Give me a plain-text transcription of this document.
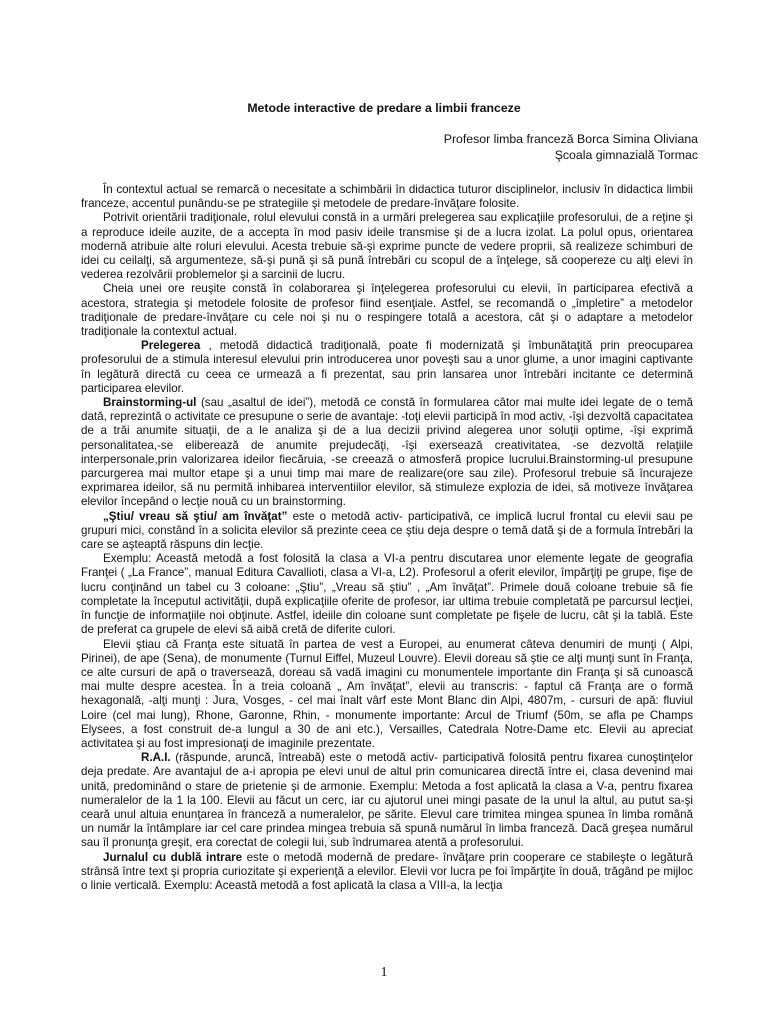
Metode interactive de predare a limbii franceze
Profesor limba franceză Borca Simina Oliviana
Şcoala gimnazială Tormac

În contextul actual se remarcă o necesitate a schimbării în didactica tuturor disciplinelor, inclusiv în didactica limbii franceze, accentul punându-se pe strategiile şi metodele de predare-învăţare folosite.

Potrivit orientării tradiţionale, rolul elevului constă in a urmări prelegerea sau explicaţiile profesorului, de a reţine şi a reproduce ideile auzite, de a accepta în mod pasiv ideile transmise şi de a lucra izolat. La polul opus, orientarea modernă atribuie alte roluri elevului. Acesta trebuie să-şi exprime puncte de vedere proprii, să realizeze schimburi de idei cu ceilalţi, să argumenteze, să-şi pună şi să pună întrebări cu scopul de a înţelege, să coopereze cu alţi elevi în vederea rezolvării problemelor şi a sarcinii de lucru.

Cheia unei ore reuşite constă în colaborarea şi înţelegerea profesorului cu elevii, în participarea efectivă a acestora, strategia şi metodele folosite de profesor fiind esenţiale. Astfel, se recomandă o „împletire” a metodelor tradiţionale de predare-învăţare cu cele noi şi nu o respingere totală a acestora, cât şi o adaptare a metodelor tradiţionale la contextul actual.

Prelegerea , metodă didactică tradiţională, poate fi modernizată şi îmbunătaţită prin preocuparea profesorului de a stimula interesul elevului prin introducerea unor poveşti sau a unor glume, a unor imagini captivante în legătură directă cu ceea ce urmează a fi prezentat, sau prin lansarea unor întrebări incitante ce determină participarea elevilor.

Brainstorming-ul (sau „asaltul de idei”), metodă ce constă în formularea câtor mai multe idei legate de o temă dată, reprezintă o activitate ce presupune o serie de avantaje: -toţi elevii participă în mod activ, -îşi dezvoltă capacitatea de a trăi anumite situaţii, de a le analiza şi de a lua decizii privind alegerea unor soluţii optime, -îşi exprimă personalitatea,-se eliberează de anumite prejudecăţi, -îşi exersează creativitatea, -se dezvoltă relaţiile interpersonale,prin valorizarea ideilor fiecăruia, -se creează o atmosferă propice lucrului.Brainstorming-ul presupune parcurgerea mai multor etape şi a unui timp mai mare de realizare(ore sau zile). Profesorul trebuie să încurajeze exprimarea ideilor, să nu permită inhibarea interventiilor elevilor, să stimuleze explozia de idei, să motiveze învăţarea elevilor începând o lecţie nouă cu un brainstorming.

„Ştiu/ vreau să ştiu/ am învăţat” este o metodă activ- participativă, ce implică lucrul frontal cu elevii sau pe grupuri mici, constând în a solicita elevilor să prezinte ceea ce ştiu deja despre o temă dată şi de a formula întrebări la care se aşteaptă răspuns din lecţie.

Exemplu: Această metodă a fost folosită la clasa a VI-a pentru discutarea unor elemente legate de geografia Franţei ( „La France”, manual Editura Cavallioti, clasa a VI-a, L2). Profesorul a oferit elevilor, împărţiţi pe grupe, fişe de lucru conţinând un tabel cu 3 coloane: „Ştiu”, „Vreau să ştiu” , „Am învăţat”. Primele două coloane trebuie să fie completate la începutul activităţii, după explicaţiile oferite de profesor, iar ultima trebuie completată pe parcursul lecţiei, în funcţie de informaţiile noi obţinute. Astfel, ideiile din coloane sunt completate pe fişele de lucru, cât şi la tablă. Este de preferat ca grupele de elevi să aibă cretă de diferite culori.

Elevii ştiau că Franţa este situată în partea de vest a Europei, au enumerat câteva denumiri de munţi ( Alpi, Pirinei), de ape (Sena), de monumente (Turnul Eiffel, Muzeul Louvre). Elevii doreau să ştie ce alţi munţi sunt în Franţa, ce alte cursuri de apă o traversează, doreau să vadă imagini cu monumentele importante din Franţa şi să cunoască mai multe despre acestea. În a treia coloană „ Am învăţat”, elevii au transcris: - faptul că Franţa are o formă hexagonală, -alţi munţi : Jura, Vosges, - cel mai înalt vârf este Mont Blanc din Alpi, 4807m, - cursuri de apă: fluviul Loire (cel mai lung), Rhone, Garonne, Rhin, - monumente importante: Arcul de Triumf (50m, se afla pe Champs Elysees, a fost construit de-a lungul a 30 de ani etc.), Versailles, Catedrala Notre-Dame etc. Elevii au apreciat activitatea şi au fost impresionaţi de imaginile prezentate.

R.A.I. (răspunde, aruncă, întreabă) este o metodă activ- participativă folosită pentru fixarea cunoştinţelor deja predate. Are avantajul de a-i apropia pe elevi unul de altul prin comunicarea directă între ei, clasa devenind mai unită, predominând o stare de prietenie şi de armonie. Exemplu: Metoda a fost aplicată la clasa a V-a, pentru fixarea numeralelor de la 1 la 100. Elevii au făcut un cerc, iar cu ajutorul unei mingi pasate de la unul la altul, au putut sa-şi ceară unul altuia enunţarea în franceză a numeralelor, pe sărite. Elevul care trimitea mingea spunea în limba română un număr la întâmplare iar cel care prindea mingea trebuia să spună numărul în limba franceză. Dacă greşea numărul sau îl pronunţa greşit, era corectat de colegii lui, sub îndrumarea atentă a profesorului.

Jurnalul cu dublă intrare este o metodă modernă de predare- învăţare prin cooperare ce stabileşte o legătură strânsă între text şi propria curiozitate şi experienţă a elevilor. Elevii vor lucra pe foi împărţite în două, trăgând pe mijloc o linie verticală. Exemplu: Această metodă a fost aplicată la clasa a VIII-a, la lecţia

1
